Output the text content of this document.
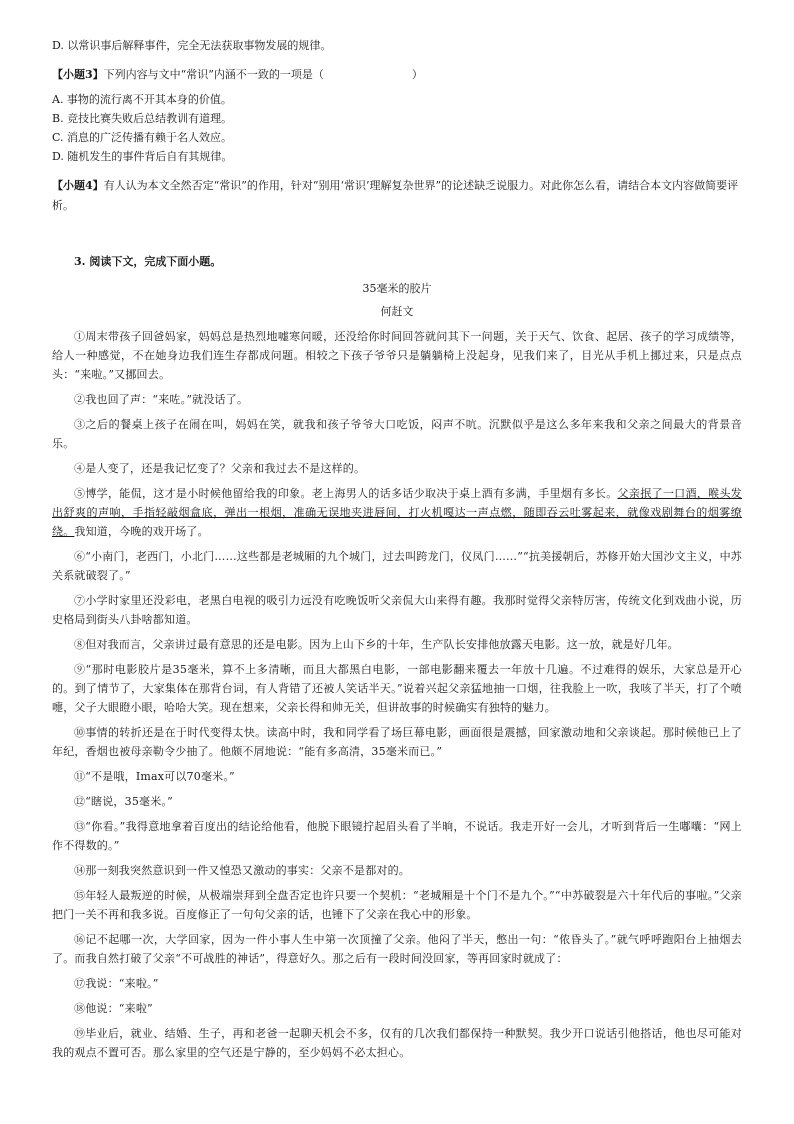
D. 以常识事后解释事件，完全无法获取事物发展的规律。

【小题3】下列内容与文中“常识”内涵不一致的一项是（	）

A. 事物的流行离不开其本身的价值。

B. 竞技比赛失败后总结教训有道理。

C. 消息的广泛传播有赖于名人效应。

D. 随机发生的事件背后自有其规律。

【小题4】有人认为本文全然否定“常识”的作用，针对“别用‘常识’理解复杂世界”的论述缺乏说服力。对此你怎么看，请结合本文内容做简要评析。

3. 阅读下文，完成下面小题。

35毫米的胶片

何赶文

①周末带孩子回爸妈家，妈妈总是热烈地嘘寒问暖，还没给你时间回答就问其下一问题，关于天气、饮食、起居、孩子的学习成绩等，给人一种感觉，不在她身边我们连生存都成问题。相较之下孩子爷爷只是躺躺椅上没起身，见我们来了，目光从手机上挪过来，只是点点头：“来啦。”又挪回去。

②我也回了声：“来咗。”就没话了。

③之后的餐桌上孩子在闹在叫，妈妈在笑，就我和孩子爷爷大口吃饭，闷声不吭。沉默似乎是这么多年来我和父亲之间最大的背景音乐。

④是人变了，还是我记忆变了？父亲和我过去不是这样的。

⑤博学，能侃，这才是小时候他留给我的印象。老上海男人的话多话少取决于桌上酒有多满，手里烟有多长。父亲抿了一口酒，喉头发出舒爽的声响，手指轻敲烟盒底，弹出一根烟，准确无误地夹进唇间，打火机嘎达一声点燃，随即吞云吐雾起来，就像戏剧舞台的烟雾缭绕。我知道，今晚的戏开场了。

⑥“小南门，老西门，小北门……这些都是老城厢的九个城门，过去叫跨龙门，仪凤门……”“抗美援朝后，苏修开始大国沙文主义，中苏关系就破裂了。”

⑦小学时家里还没彩电，老黑白电视的吸引力远没有吃晚饭听父亲侃大山来得有趣。我那时觉得父亲特厉害，传统文化到戏曲小说，历史格局到街头八卦啥都知道。

⑧但对我而言，父亲讲过最有意思的还是电影。因为上山下乡的十年，生产队长安排他放露天电影。这一放，就是好几年。

⑨“那时电影胶片是35毫米，算不上多清晰，而且大都黑白电影，一部电影翻来覆去一年放十几遍。不过难得的娱乐，大家总是开心的。到了情节了，大家集体在那背台词，有人背错了还被人笑话半天。”说着兴起父亲猛地抽一口烟，往我脸上一吹，我咳了半天，打了个喷嚏，父子大眼瞪小眼，哈哈大笑。现在想来，父亲长得和帅无关，但讲故事的时候确实有独特的魅力。

⑩事情的转折还是在于时代变得太快。读高中时，我和同学看了场巨幕电影，画面很是震撼，回家激动地和父亲谈起。那时候他已上了年纪，香烟也被母亲勒令少抽了。他颇不屑地说：“能有多高清，35毫米而已。”

⑪“不是哦，Imax可以70毫米。”

⑫“瞎说，35毫米。”

⑬“你看。”我得意地拿着百度出的结论给他看，他脱下眼镜拧起眉头看了半晌，不说话。我走开好一会儿，才听到背后一生嘟囔：“网上作不得数的。”

⑭那一刻我突然意识到一件又惶恐又激动的事实：父亲不是都对的。

⑮年轻人最叛逆的时候，从极端崇拜到全盘否定也许只要一个契机：“老城厢是十个门不是九个。”“中苏破裂是六十年代后的事啦。”父亲把门一关不再和我多说。百度修正了一句句父亲的话，也锤下了父亲在我心中的形象。

⑯记不起哪一次，大学回家，因为一件小事人生中第一次顶撞了父亲。他闷了半天，憋出一句：“侬昏头了。”就气呼呼跑阳台上抽烟去了。而我自然打破了父亲“不可战胜的神话”，得意好久。那之后有一段时间没回家，等再回家时就成了：

⑰我说：“来啦。”

⑱他说：“来啦”

⑲毕业后，就业、结婚、生子，再和老爸一起聊天机会不多，仅有的几次我们都保持一种默契。我少开口说话引他搭话，他也尽可能对我的观点不置可否。那么家里的空气还是宁静的，至少妈妈不必太担心。
